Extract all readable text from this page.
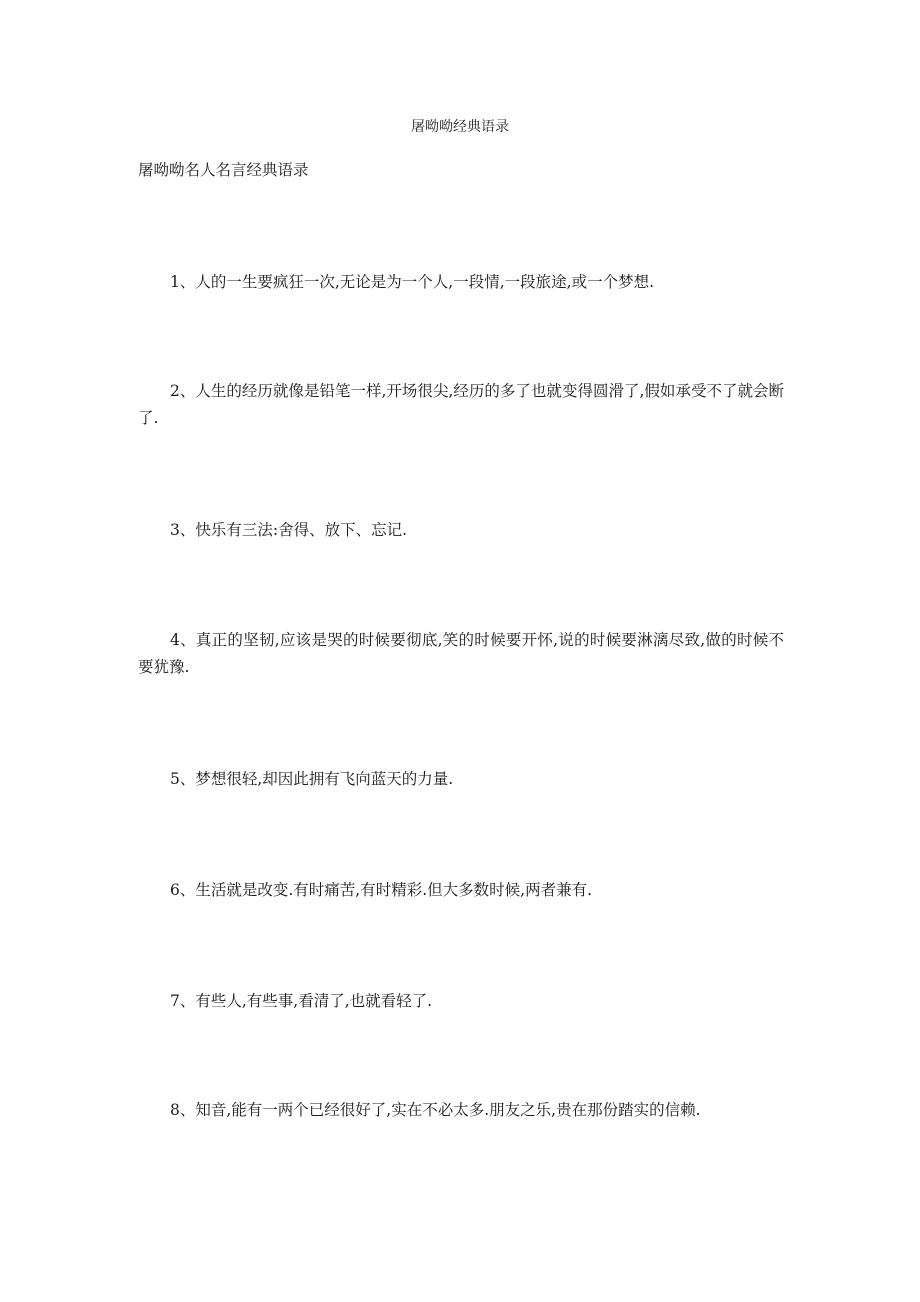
屠呦呦经典语录

屠呦呦名人名言经典语录

1、人的一生要疯狂一次,无论是为一个人,一段情,一段旅途,或一个梦想.

2、人生的经历就像是铅笔一样,开场很尖,经历的多了也就变得圆滑了,假如承受不了就会断了.

3、快乐有三法:舍得、放下、忘记.

4、真正的坚韧,应该是哭的时候要彻底,笑的时候要开怀,说的时候要淋漓尽致,做的时候不要犹豫.

5、梦想很轻,却因此拥有飞向蓝天的力量.

6、生活就是改变.有时痛苦,有时精彩.但大多数时候,两者兼有.

7、有些人,有些事,看清了,也就看轻了.

8、知音,能有一两个已经很好了,实在不必太多.朋友之乐,贵在那份踏实的信赖.
